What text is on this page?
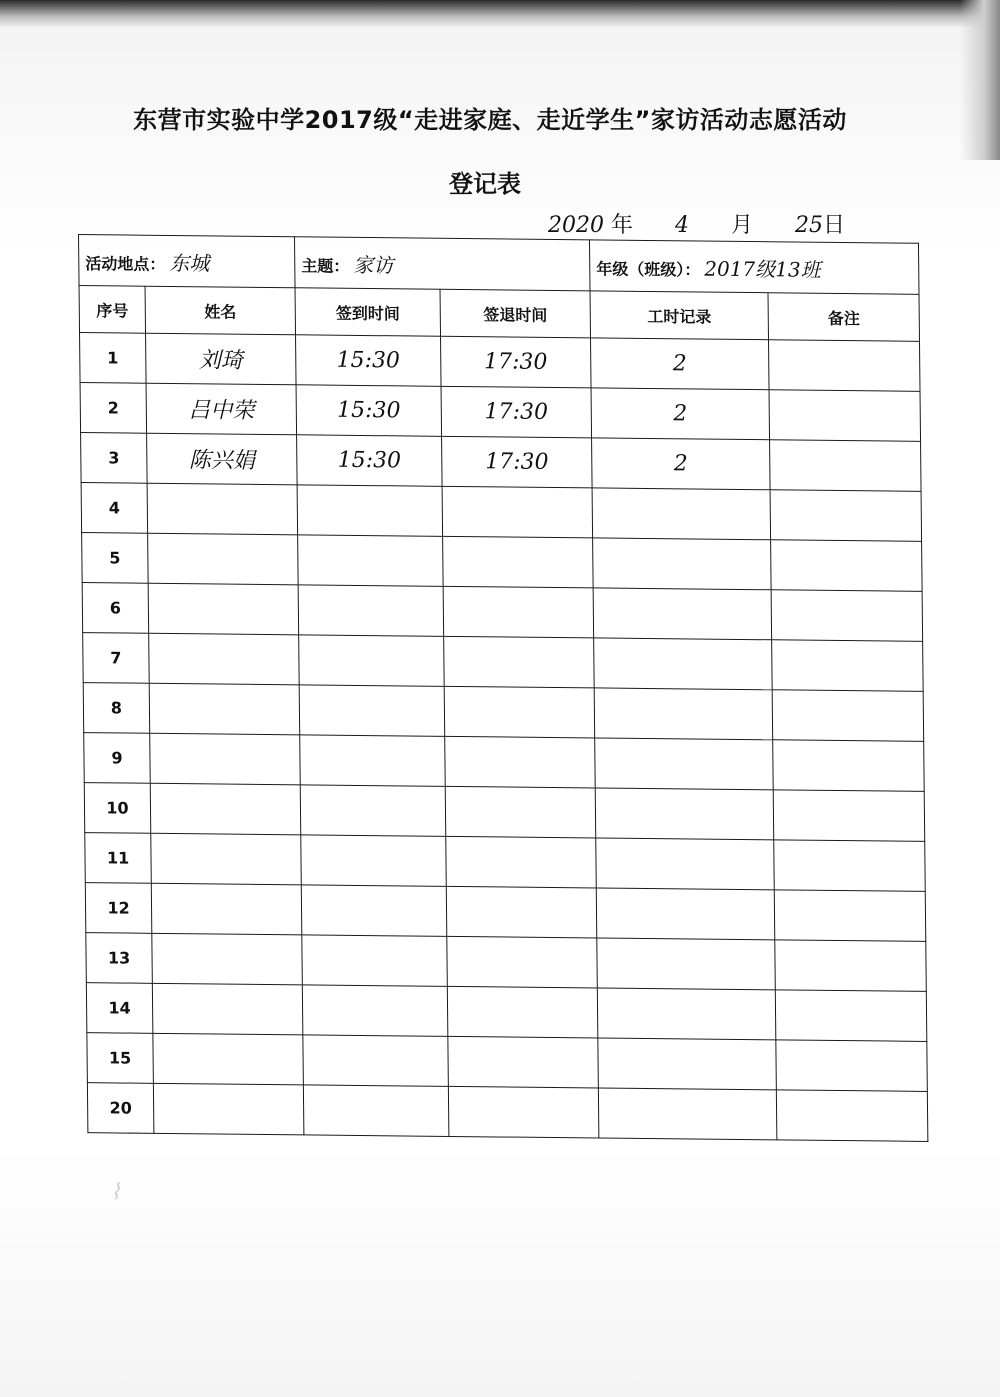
东营市实验中学2017级“走进家庭、走近学生”家访活动志愿活动
登记表
2020 年 4 月 25日
活动地点： 东城		主题： 家访		年级（班级）： 2017级13班	
序号	姓名	签到时间	签退时间	工时记录	备注
1	刘琦	15:30	17:30	2	
2	吕中荣	15:30	17:30	2	
3	陈兴娟	15:30	17:30	2	
4					
5					
6					
7					
8					
9					
10					
11					
12					
13					
14					
15					
20					
⌇
